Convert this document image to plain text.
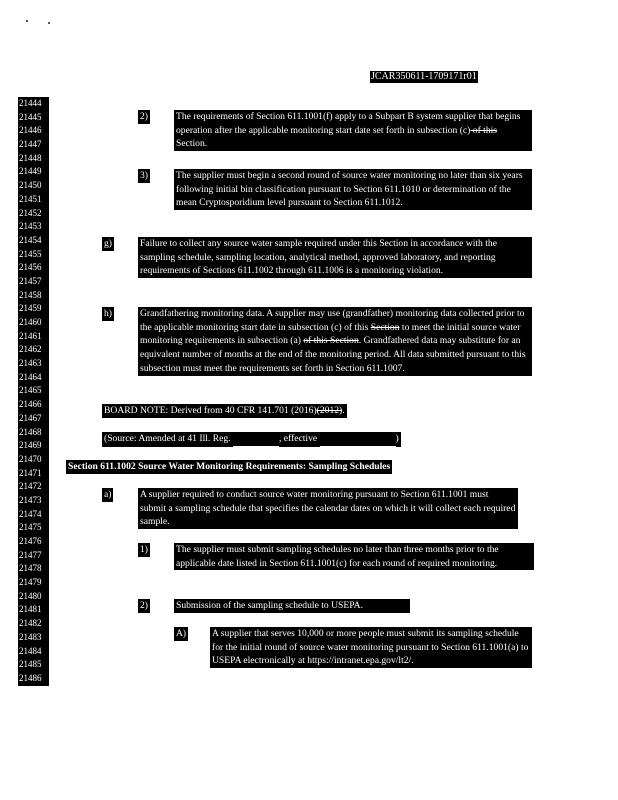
JCAR350611-1709171r01
21444
21445
21446
21447
21448
21449
21450
21451
21452
21453
21454
21455
21456
21457
21458
21459
21460
21461
21462
21463
21464
21465
21466
21467
21468
21469
21470
21471
21472
21473
21474
21475
21476
21477
21478
21479
21480
21481
21482
21483
21484
21485
21486
2)	The requirements of Section 611.1001(f) apply to a Subpart B system supplier that begins operation after the applicable monitoring start date set forth in subsection (c) of this Section.
3)	The supplier must begin a second round of source water monitoring no later than six years following initial bin classification pursuant to Section 611.1010 or determination of the mean Cryptosporidium level pursuant to Section 611.1012.
g)	Failure to collect any source water sample required under this Section in accordance with the sampling schedule, sampling location, analytical method, approved laboratory, and reporting requirements of Sections 611.1002 through 611.1006 is a monitoring violation.
h)	Grandfathering monitoring data. A supplier may use (grandfather) monitoring data collected prior to the applicable monitoring start date in subsection (c) of this Section to meet the initial source water monitoring requirements in subsection (a) of this Section. Grandfathered data may substitute for an equivalent number of months at the end of the monitoring period. All data submitted pursuant to this subsection must meet the requirements set forth in Section 611.1007.
BOARD NOTE: Derived from 40 CFR 141.701 (2016)(2012).
(Source: Amended at 41 Ill. Reg.	, effective	)
Section 611.1002 Source Water Monitoring Requirements: Sampling Schedules
a)	A supplier required to conduct source water monitoring pursuant to Section 611.1001 must submit a sampling schedule that specifies the calendar dates on which it will collect each required sample.
1)	The supplier must submit sampling schedules no later than three months prior to the applicable date listed in Section 611.1001(c) for each round of required monitoring.
2)	Submission of the sampling schedule to USEPA.
A)	A supplier that serves 10,000 or more people must submit its sampling schedule for the initial round of source water monitoring pursuant to Section 611.1001(a) to USEPA electronically at https://intranet.epa.gov/lt2/.
